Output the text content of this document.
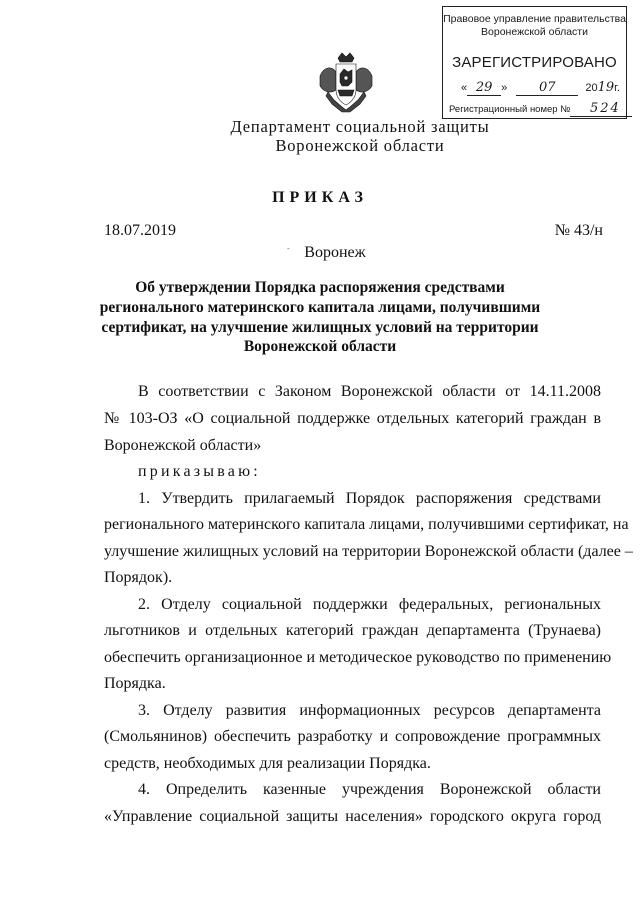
Правовое управление правительства
Воронежской области
ЗАРЕГИСТРИРОВАНО
« 29 » 07	2019г.
Регистрационный номер № 524
Департамент социальной защиты
Воронежской области
ПРИКАЗ
18.07.2019	№ 43/н
- Воронеж
Об утверждении Порядка распоряжения средствами
регионального материнского капитала лицами, получившими
сертификат, на улучшение жилищных условий на территории
Воронежской области
В соответствии с Законом Воронежской области от 14.11.2008
№ 103-ОЗ «О социальной поддержке отдельных категорий граждан в
Воронежской области»
приказываю:
1. Утвердить прилагаемый Порядок распоряжения средствами
регионального материнского капитала лицами, получившими сертификат, на
улучшение жилищных условий на территории Воронежской области (далее –
Порядок).
2. Отделу социальной поддержки федеральных, региональных
льготников и отдельных категорий граждан департамента (Трунаева)
обеспечить организационное и методическое руководство по применению
Порядка.
3. Отделу развития информационных ресурсов департамента
(Смольянинов) обеспечить разработку и сопровождение программных
средств, необходимых для реализации Порядка.
4. Определить казенные учреждения Воронежской области
«Управление социальной защиты населения» городского округа город
